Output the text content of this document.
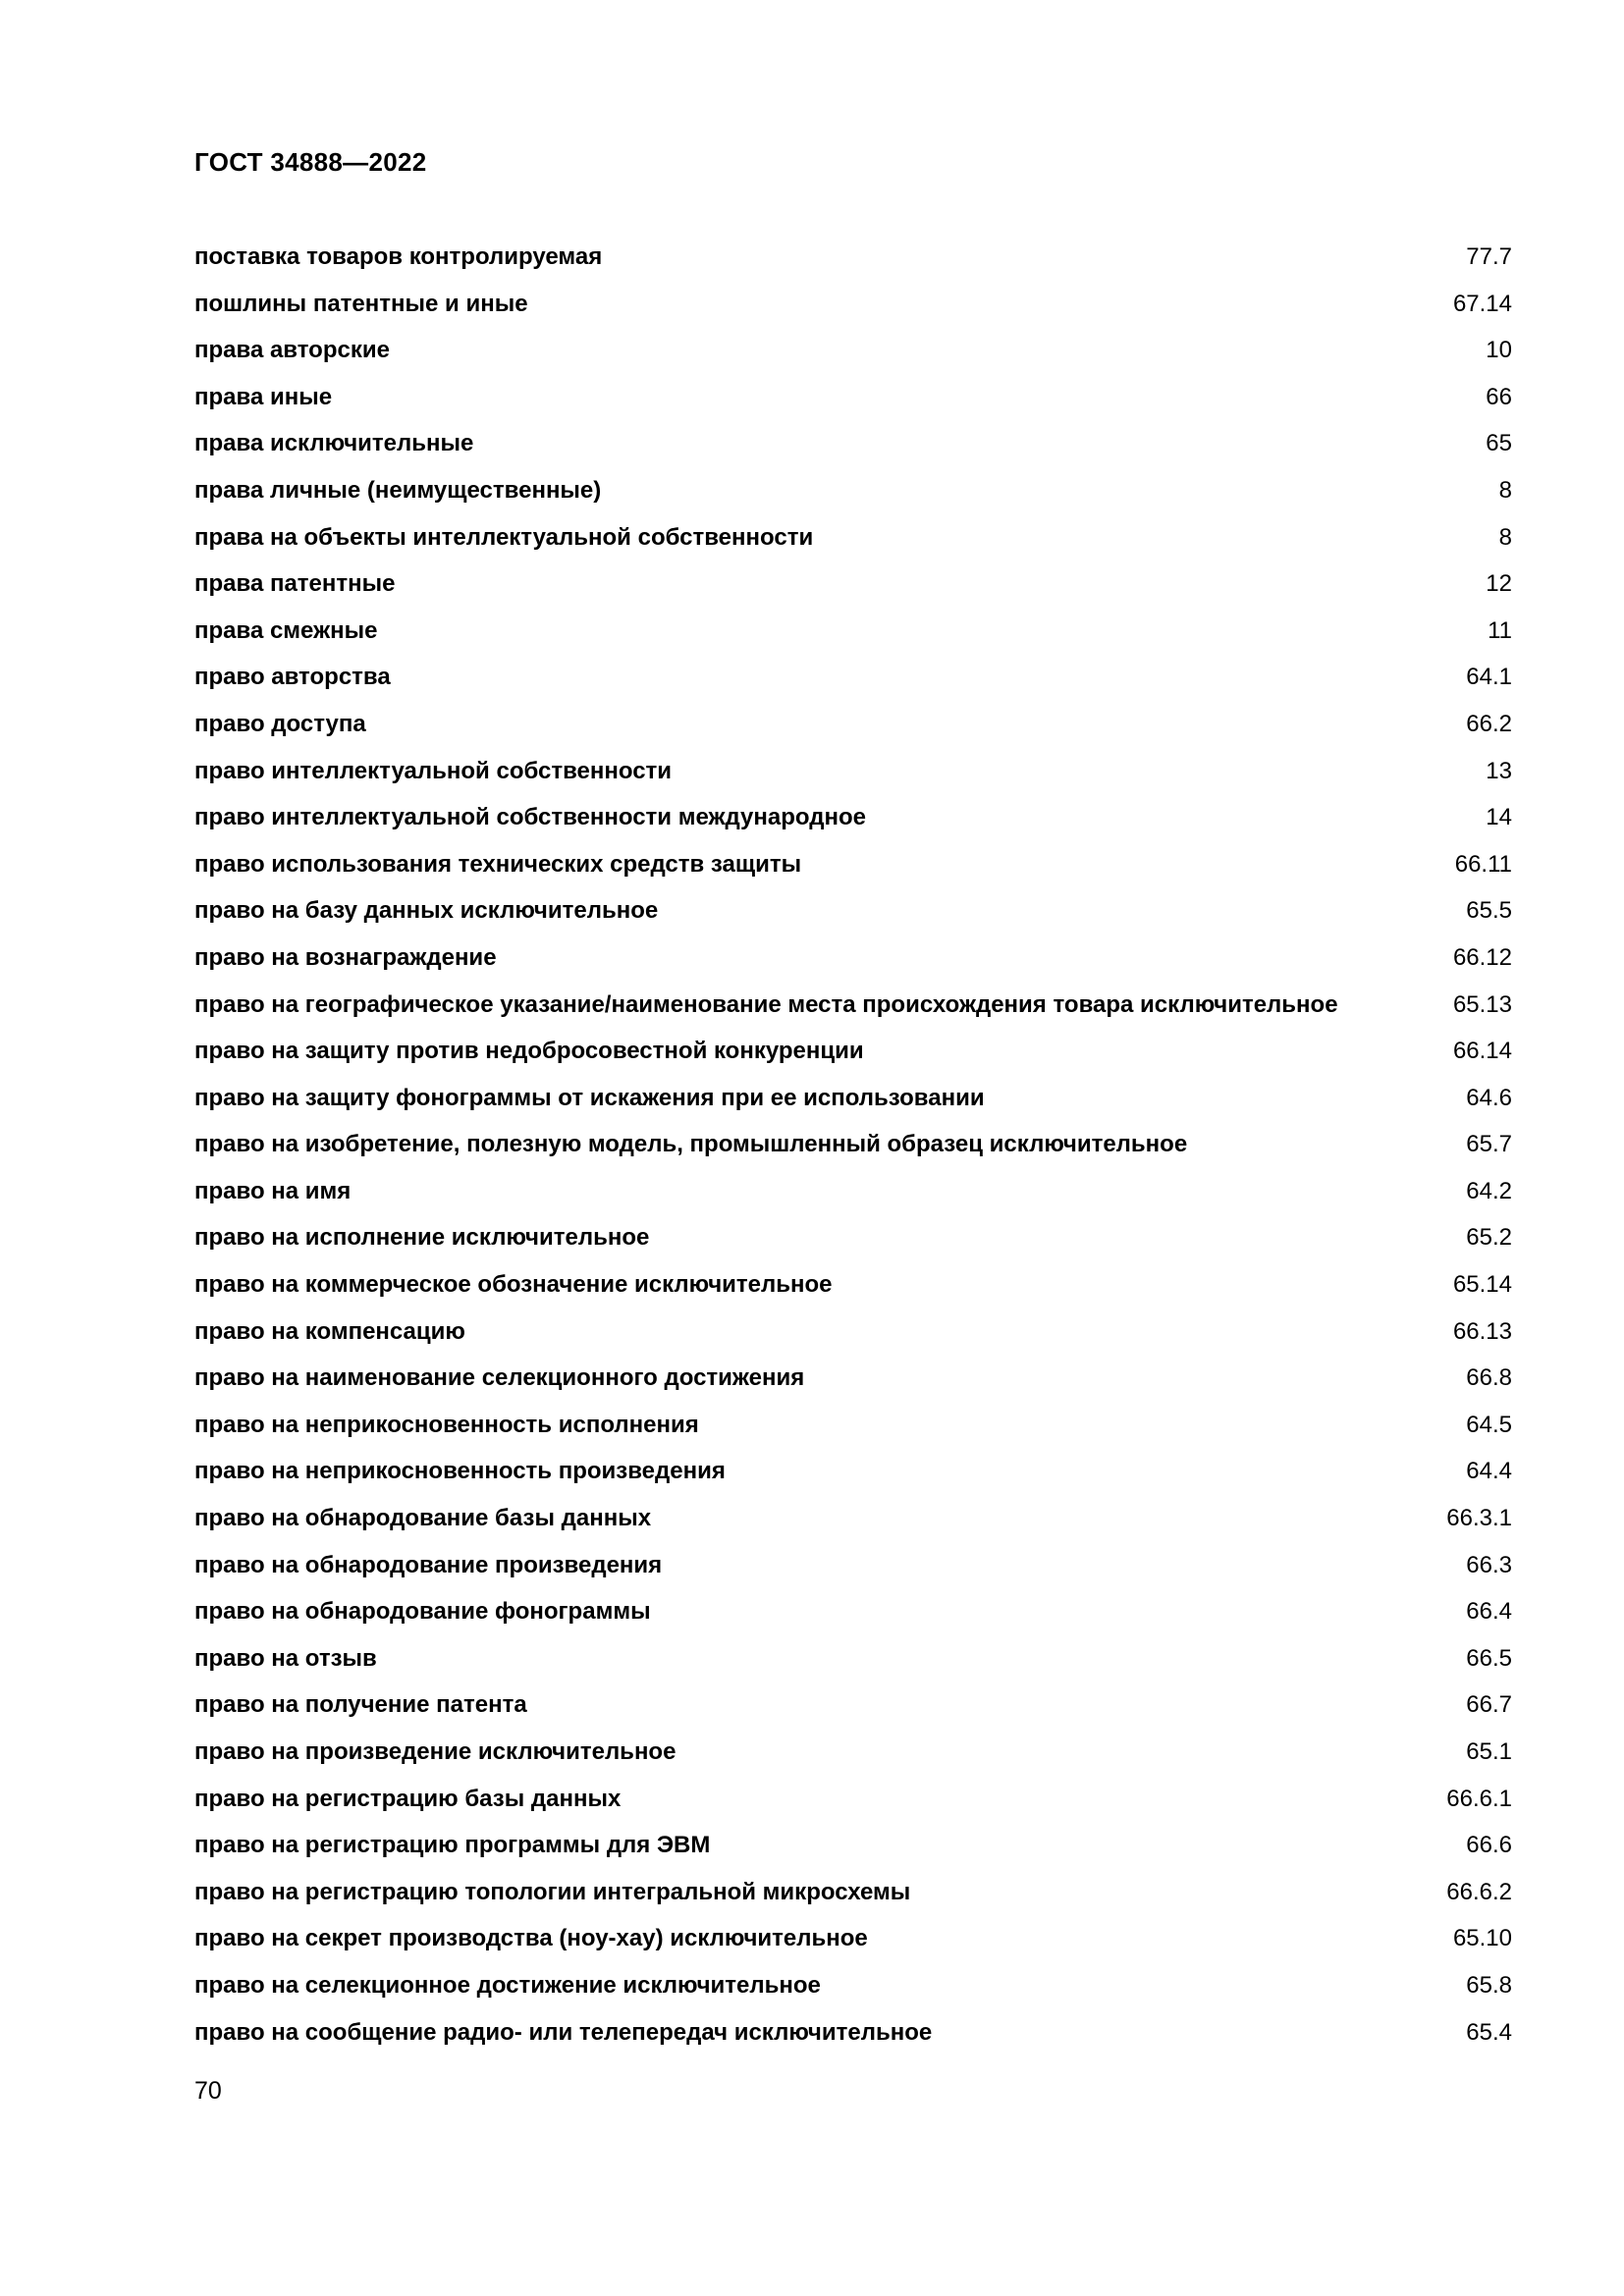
ГОСТ 34888—2022
поставка товаров контролируемая	77.7
пошлины патентные и иные	67.14
права авторские	10
права иные	66
права исключительные	65
права личные (неимущественные)	8
права на объекты интеллектуальной собственности	8
права патентные	12
права смежные	11
право авторства	64.1
право доступа	66.2
право интеллектуальной собственности	13
право интеллектуальной собственности международное	14
право использования технических средств защиты	66.11
право на базу данных исключительное	65.5
право на вознаграждение	66.12
право на географическое указание/наименование места происхождения товара исключительное	65.13
право на защиту против недобросовестной конкуренции	66.14
право на защиту фонограммы от искажения при ее использовании	64.6
право на изобретение, полезную модель, промышленный образец исключительное	65.7
право на имя	64.2
право на исполнение исключительное	65.2
право на коммерческое обозначение исключительное	65.14
право на компенсацию	66.13
право на наименование селекционного достижения	66.8
право на неприкосновенность исполнения	64.5
право на неприкосновенность произведения	64.4
право на обнародование базы данных	66.3.1
право на обнародование произведения	66.3
право на обнародование фонограммы	66.4
право на отзыв	66.5
право на получение патента	66.7
право на произведение исключительное	65.1
право на регистрацию базы данных	66.6.1
право на регистрацию программы для ЭВМ	66.6
право на регистрацию топологии интегральной микросхемы	66.6.2
право на секрет производства (ноу-хау) исключительное	65.10
право на селекционное достижение исключительное	65.8
право на сообщение радио- или телепередач исключительное	65.4
70
